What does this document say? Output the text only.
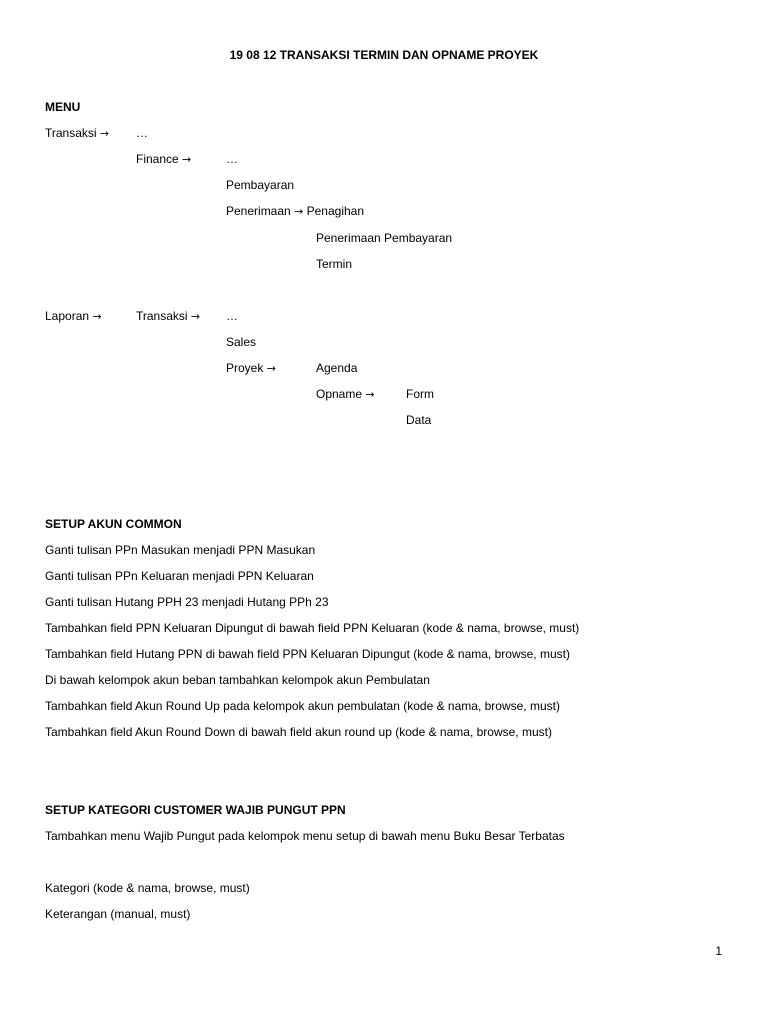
19 08 12 TRANSAKSI TERMIN DAN OPNAME PROYEK
MENU
Transaksi → …
Finance →	…
Pembayaran
Penerimaan → Penagihan
Penerimaan Pembayaran
Termin
Laporan →	Transaksi → …
Sales
Proyek →	Agenda
Opname →	Form
Data
SETUP AKUN COMMON
Ganti tulisan PPn Masukan menjadi PPN Masukan
Ganti tulisan PPn Keluaran menjadi PPN Keluaran
Ganti tulisan Hutang PPH 23 menjadi Hutang PPh 23
Tambahkan field PPN Keluaran Dipungut di bawah field PPN Keluaran (kode & nama, browse, must)
Tambahkan field Hutang PPN di bawah field PPN Keluaran Dipungut (kode & nama, browse, must)
Di bawah kelompok akun beban tambahkan kelompok akun Pembulatan
Tambahkan field Akun Round Up pada kelompok akun pembulatan (kode & nama, browse, must)
Tambahkan field Akun Round Down di bawah field akun round up (kode & nama, browse, must)
SETUP KATEGORI CUSTOMER WAJIB PUNGUT PPN
Tambahkan menu Wajib Pungut pada kelompok menu setup di bawah menu Buku Besar Terbatas
Kategori (kode & nama, browse, must)
Keterangan (manual, must)
1
